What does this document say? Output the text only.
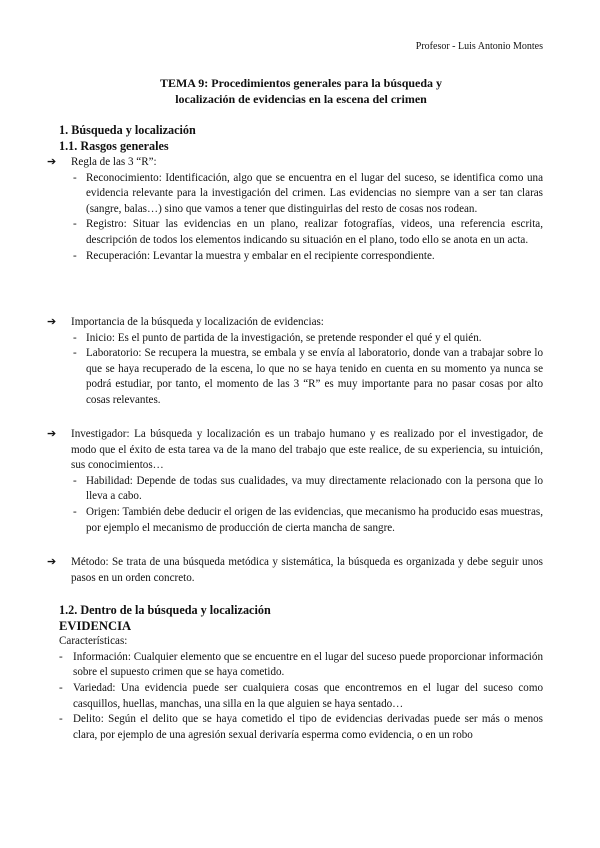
Profesor - Luis Antonio Montes
TEMA 9: Procedimientos generales para la búsqueda y
localización de evidencias en la escena del crimen
1. Búsqueda y localización
1.1. Rasgos generales
➔ Regla de las 3 “R”:
- Reconocimiento: Identificación, algo que se encuentra en el lugar del suceso, se identifica como una evidencia relevante para la investigación del crimen. Las evidencias no siempre van a ser tan claras (sangre, balas…) sino que vamos a tener que distinguirlas del resto de cosas nos rodean.
- Registro: Situar las evidencias en un plano, realizar fotografías, videos, una referencia escrita, descripción de todos los elementos indicando su situación en el plano, todo ello se anota en un acta.
- Recuperación: Levantar la muestra y embalar en el recipiente correspondiente.
➔ Importancia de la búsqueda y localización de evidencias:
- Inicio: Es el punto de partida de la investigación, se pretende responder el qué y el quién.
- Laboratorio: Se recupera la muestra, se embala y se envía al laboratorio, donde van a trabajar sobre lo que se haya recuperado de la escena, lo que no se haya tenido en cuenta en su momento ya nunca se podrá estudiar, por tanto, el momento de las 3 “R” es muy importante para no pasar cosas por alto cosas relevantes.
➔ Investigador: La búsqueda y localización es un trabajo humano y es realizado por el investigador, de modo que el éxito de esta tarea va de la mano del trabajo que este realice, de su experiencia, su intuición, sus conocimientos…
- Habilidad: Depende de todas sus cualidades, va muy directamente relacionado con la persona que lo lleva a cabo.
- Origen: También debe deducir el origen de las evidencias, que mecanismo ha producido esas muestras, por ejemplo el mecanismo de producción de cierta mancha de sangre.
➔ Método: Se trata de una búsqueda metódica y sistemática, la búsqueda es organizada y debe seguir unos pasos en un orden concreto.
1.2. Dentro de la búsqueda y localización
EVIDENCIA
Características:
- Información: Cualquier elemento que se encuentre en el lugar del suceso puede proporcionar información sobre el supuesto crimen que se haya cometido.
- Variedad: Una evidencia puede ser cualquiera cosas que encontremos en el lugar del suceso como casquillos, huellas, manchas, una silla en la que alguien se haya sentado…
- Delito: Según el delito que se haya cometido el tipo de evidencias derivadas puede ser más o menos clara, por ejemplo de una agresión sexual derivaría esperma como evidencia, o en un robo
